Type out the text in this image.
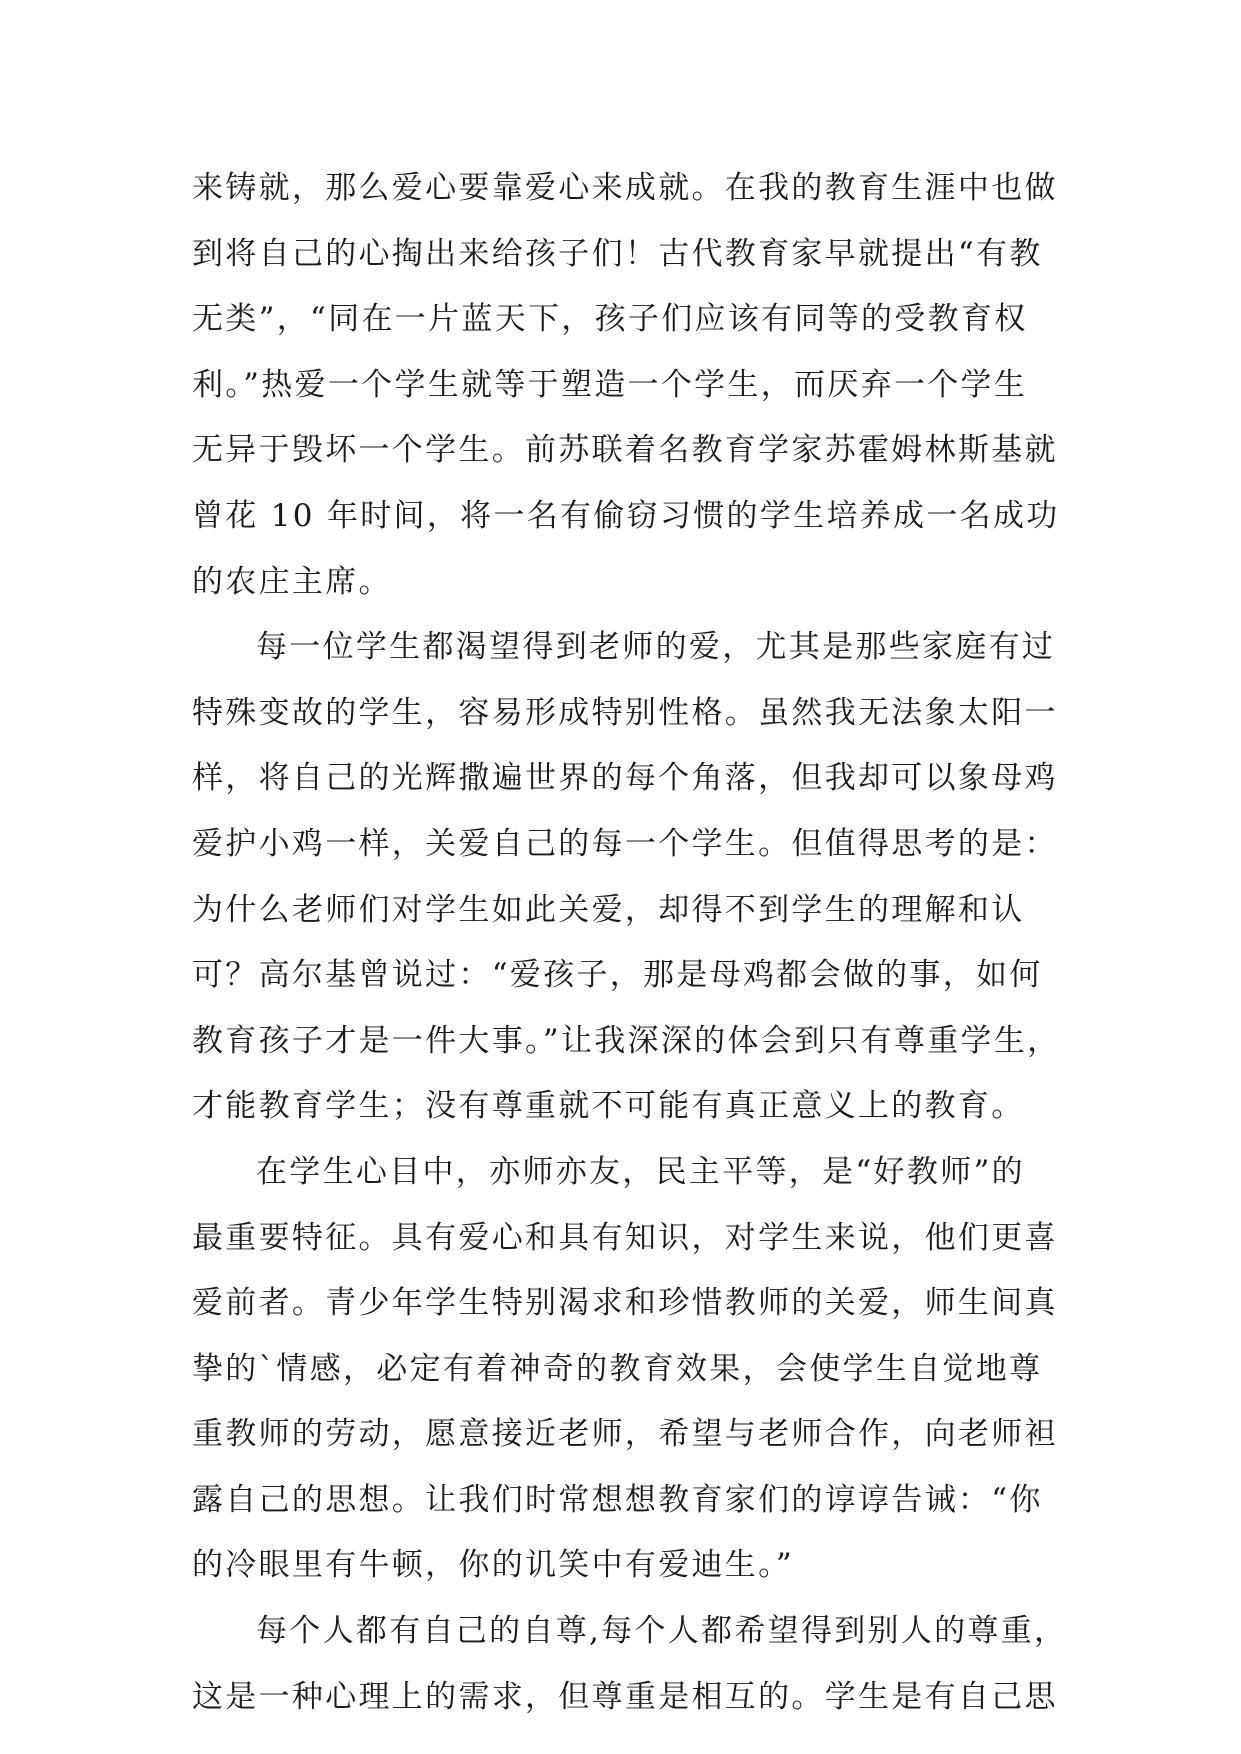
来铸就，那么爱心要靠爱心来成就。在我的教育生涯中也做
到将自己的心掏出来给孩子们！古代教育家早就提出“有教
无类”，“同在一片蓝天下，孩子们应该有同等的受教育权
利。”热爱一个学生就等于塑造一个学生，而厌弃一个学生
无异于毁坏一个学生。前苏联着名教育学家苏霍姆林斯基就
曾花 10 年时间，将一名有偷窃习惯的学生培养成一名成功
的农庄主席。
每一位学生都渴望得到老师的爱，尤其是那些家庭有过
特殊变故的学生，容易形成特别性格。虽然我无法象太阳一
样，将自己的光辉撒遍世界的每个角落，但我却可以象母鸡
爱护小鸡一样，关爱自己的每一个学生。但值得思考的是：
为什么老师们对学生如此关爱，却得不到学生的理解和认
可？高尔基曾说过：“爱孩子，那是母鸡都会做的事，如何
教育孩子才是一件大事。”让我深深的体会到只有尊重学生，
才能教育学生；没有尊重就不可能有真正意义上的教育。
在学生心目中，亦师亦友，民主平等，是“好教师”的
最重要特征。具有爱心和具有知识，对学生来说，他们更喜
爱前者。青少年学生特别渴求和珍惜教师的关爱，师生间真
挚的`情感，必定有着神奇的教育效果，会使学生自觉地尊
重教师的劳动，愿意接近老师，希望与老师合作，向老师袒
露自己的思想。让我们时常想想教育家们的谆谆告诫：“你
的冷眼里有牛顿，你的讥笑中有爱迪生。”
每个人都有自己的自尊,每个人都希望得到别人的尊重，
这是一种心理上的需求，但尊重是相互的。学生是有自己思
